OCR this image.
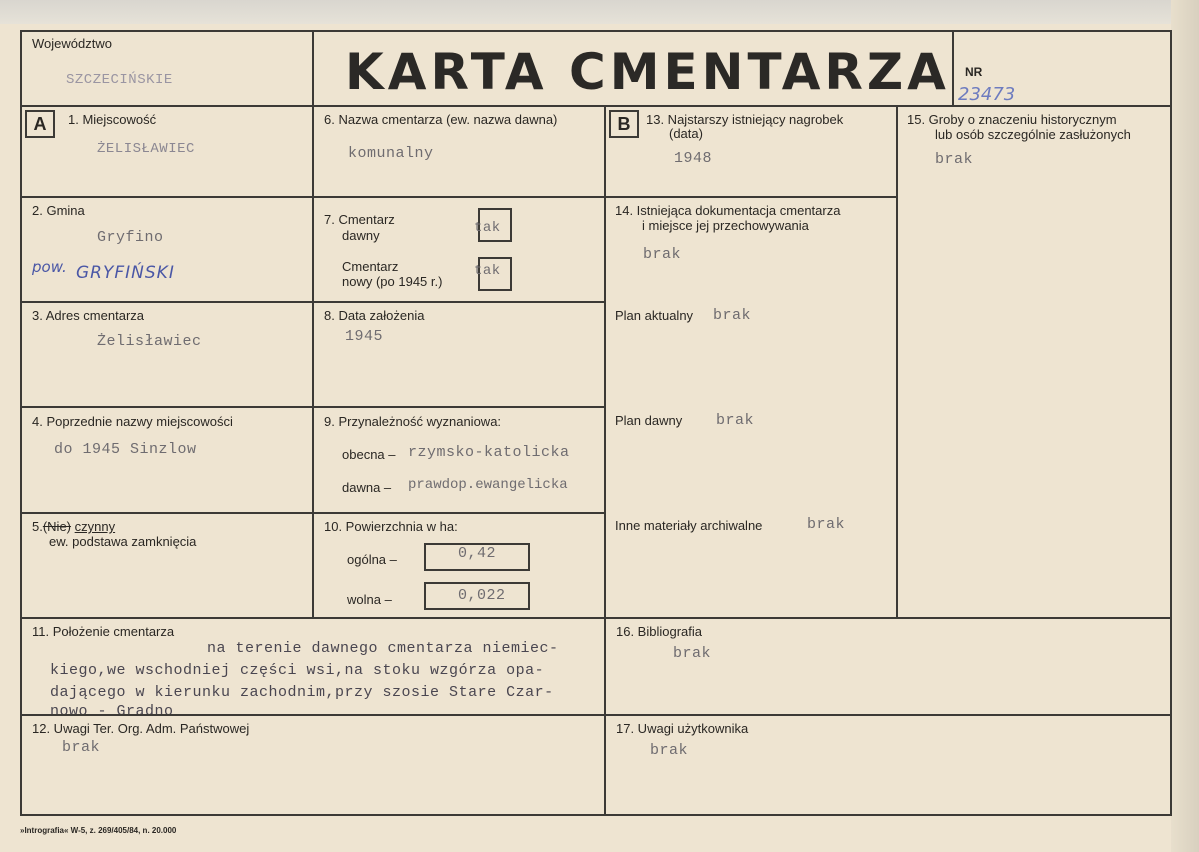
Województwo
SZCZECIŃSKIE	KARTA CMENTARZA NR
23473
A	B
1. Miejscowość
ŻELISŁAWIEC
2. Gmina
Gryfino
pow. GRYFIŃSKI
3. Adres cmentarza
Żelisławiec
4. Poprzednie nazwy miejscowości
do 1945 Sinzlow
5.(Nie) czynny
ew. podstawa zamknięcia
6. Nazwa cmentarza (ew. nazwa dawna)
komunalny
7. Cmentarz
dawny	tak
Cmentarz
nowy (po 1945 r.)
tak
8. Data założenia
1945
9. Przynależność wyznaniowa:
obecna – rzymsko-katolicka
dawna – prawdop.ewangelicka
10. Powierzchnia w ha:
ogólna –	0,42
wolna –	0,022
11. Położenie cmentarza
na terenie dawnego cmentarza niemiec-
kiego,we wschodniej części wsi,na stoku wzgórza opa-
dającego w kierunku zachodnim,przy szosie Stare Czar-
nowo - Gradno
12. Uwagi Ter. Org. Adm. Państwowej
brak
13. Najstarszy istniejący nagrobek
(data)
1948
14. Istniejąca dokumentacja cmentarza
i miejsce jej przechowywania
brak
Plan aktualny brak
Plan dawny brak
Inne materiały archiwalne	brak
15. Groby o znaczeniu historycznym
lub osób szczególnie zasłużonych
brak
16. Bibliografia
brak
17. Uwagi użytkownika
brak
»Intrografia« W-5, z. 269/405/84, n. 20.000
